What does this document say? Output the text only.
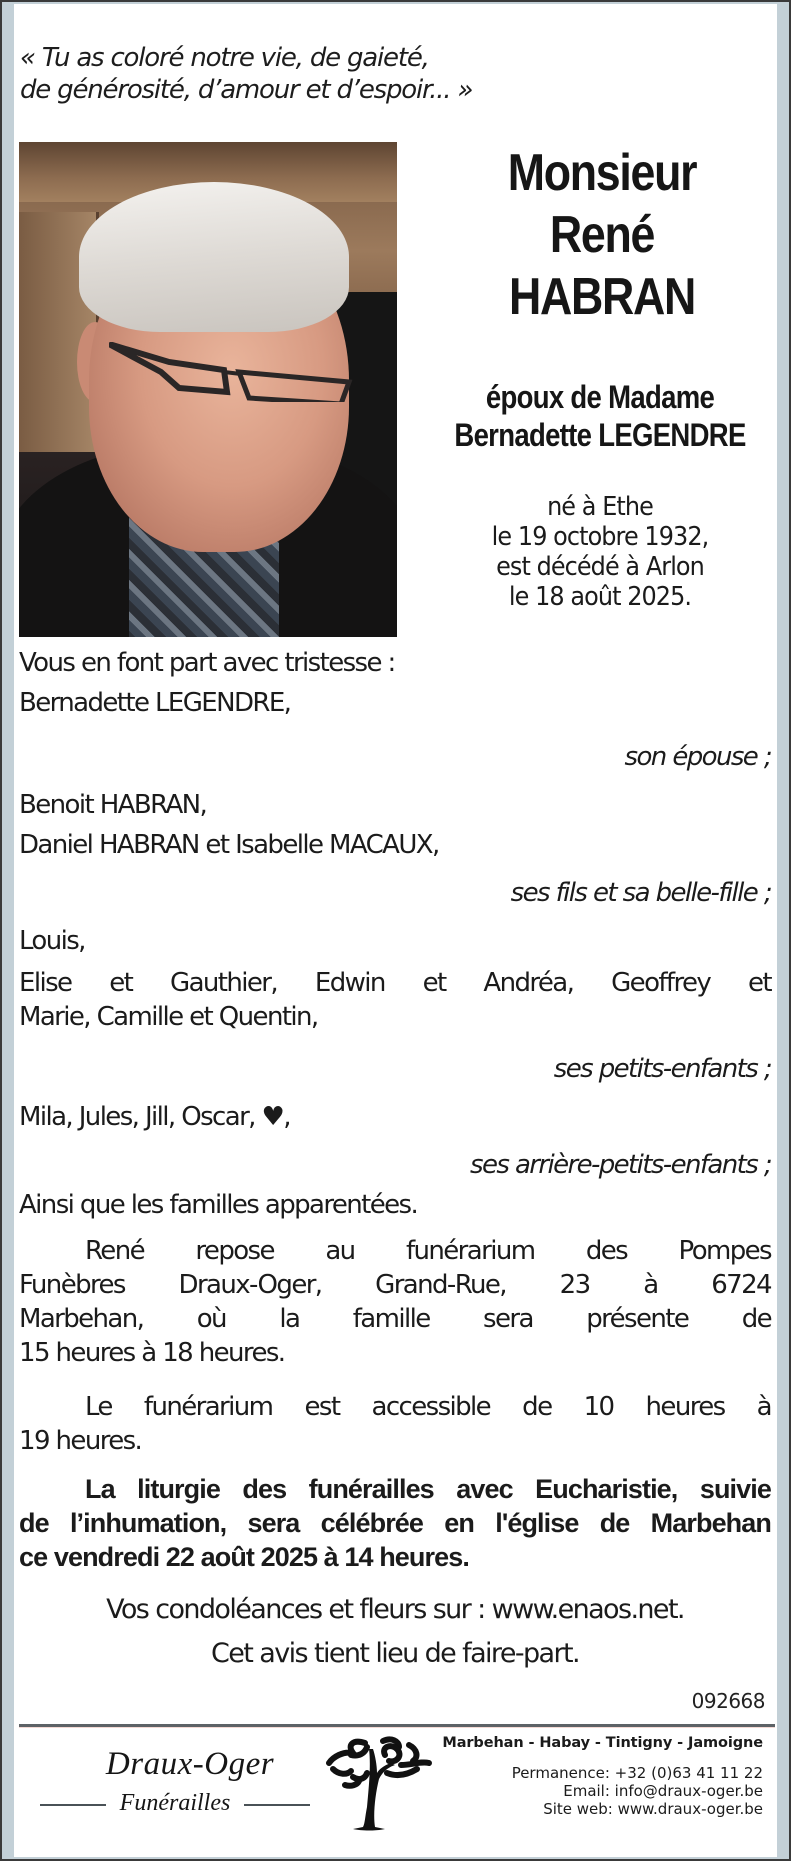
« Tu as coloré notre vie, de gaieté,
de générosité, d’amour et d’espoir... »
Monsieur
René
HABRAN
époux de Madame
Bernadette LEGENDRE
né à Ethe
le 19 octobre 1932,
est décédé à Arlon
le 18 août 2025.
Vous en font part avec tristesse :
Bernadette LEGENDRE,
son épouse ;
Benoit HABRAN,
Daniel HABRAN et Isabelle MACAUX,
ses fils et sa belle-fille ;
Louis,
Elise et Gauthier, Edwin et Andréa, Geoffrey et
Marie, Camille et Quentin,
ses petits-enfants ;
Mila, Jules, Jill, Oscar, ♥,
ses arrière-petits-enfants ;
Ainsi que les familles apparentées.
René repose au funérarium des Pompes
Funèbres Draux-Oger, Grand-Rue, 23 à 6724
Marbehan, où la famille sera présente de
15 heures à 18 heures.
Le funérarium est accessible de 10 heures à
19 heures.
La liturgie des funérailles avec Eucharistie, suivie
de l’inhumation, sera célébrée en l'église de Marbehan
ce vendredi 22 août 2025 à 14 heures.
Vos condoléances et fleurs sur : www.enaos.net.
Cet avis tient lieu de faire-part.
092668
Draux-Oger
Funérailles
Marbehan - Habay - Tintigny - Jamoigne
Permanence: +32 (0)63 41 11 22
Email: info@draux-oger.be
Site web: www.draux-oger.be
